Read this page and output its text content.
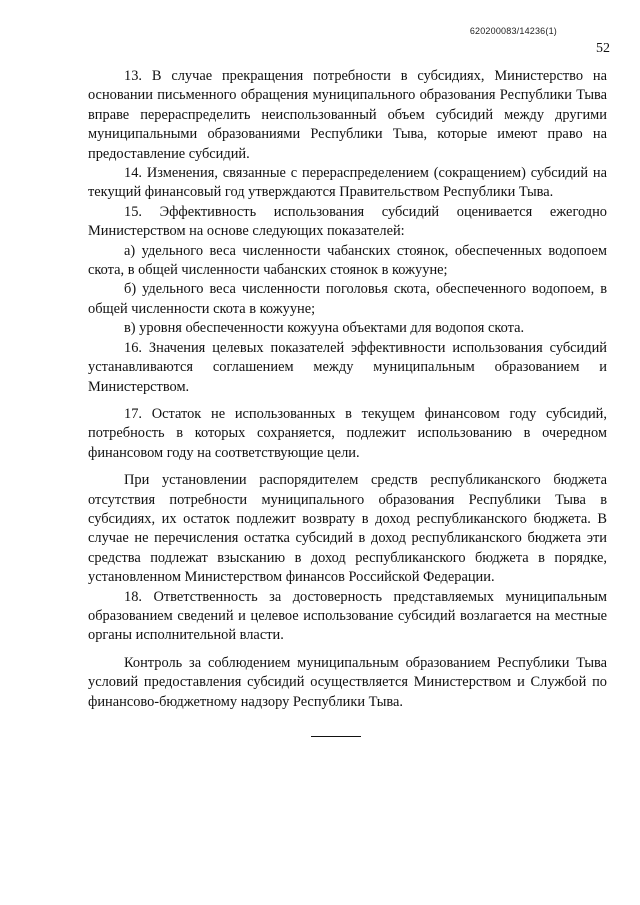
620200083/14236(1)
52

13. В случае прекращения потребности в субсидиях, Министерство на основании письменного обращения муниципального образования Республики Тыва вправе перераспределить неиспользованный объем субсидий между другими муниципальными образованиями Республики Тыва, которые имеют право на предоставление субсидий.

14. Изменения, связанные с перераспределением (сокращением) субсидий на текущий финансовый год утверждаются Правительством Республики Тыва.

15. Эффективность использования субсидий оценивается ежегодно Министерством на основе следующих показателей:

а) удельного веса численности чабанских стоянок, обеспеченных водопоем скота, в общей численности чабанских стоянок в кожууне;

б) удельного веса численности поголовья скота, обеспеченного водопоем, в общей численности скота в кожууне;

в) уровня обеспеченности кожууна объектами для водопоя скота.

16. Значения целевых показателей эффективности использования субсидий устанавливаются соглашением между муниципальным образованием и Министерством.

17. Остаток не использованных в текущем финансовом году субсидий, потребность в которых сохраняется, подлежит использованию в очередном финансовом году на соответствующие цели.

При установлении распорядителем средств республиканского бюджета отсутствия потребности муниципального образования Республики Тыва в субсидиях, их остаток подлежит возврату в доход республиканского бюджета. В случае не перечисления остатка субсидий в доход республиканского бюджета эти средства подлежат взысканию в доход республиканского бюджета в порядке, установленном Министерством финансов Российской Федерации.

18. Ответственность за достоверность представляемых муниципальным образованием сведений и целевое использование субсидий возлагается на местные органы исполнительной власти.

Контроль за соблюдением муниципальным образованием Республики Тыва условий предоставления субсидий осуществляется Министерством и Службой по финансово-бюджетному надзору Республики Тыва.
